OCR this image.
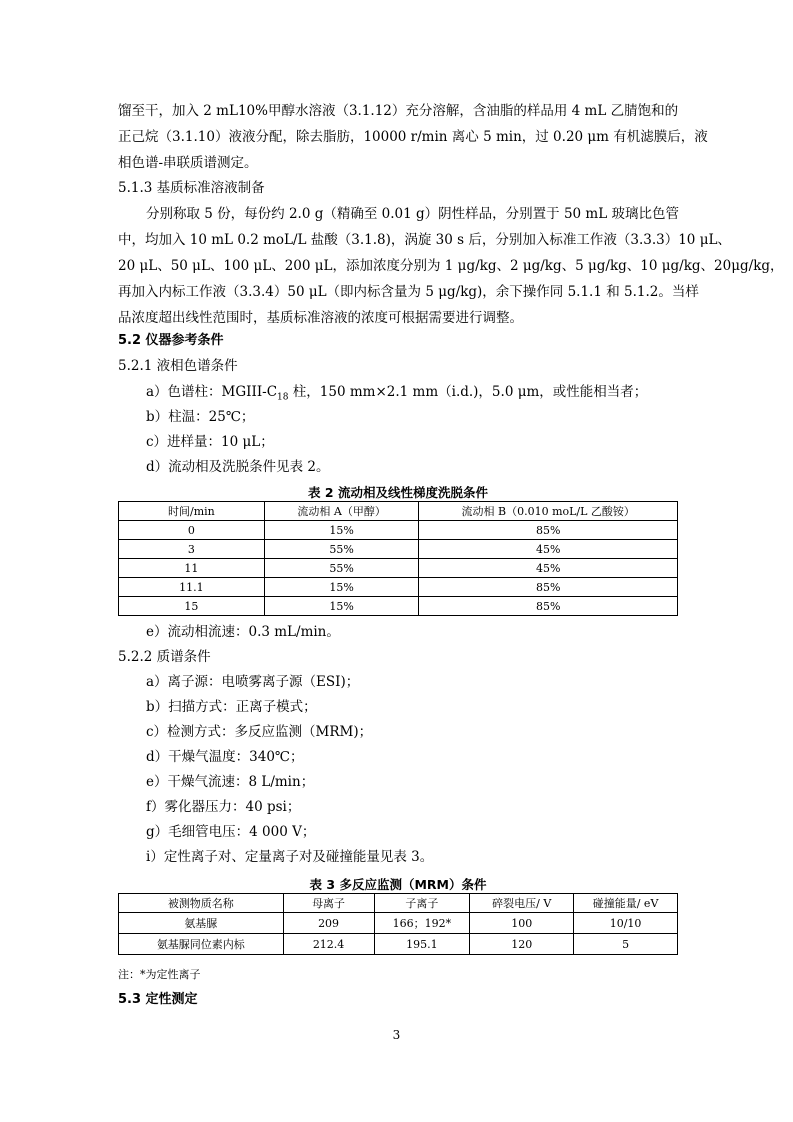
馏至干，加入 2 mL10%甲醇水溶液（3.1.12）充分溶解，含油脂的样品用 4 mL 乙腈饱和的
正己烷（3.1.10）液液分配，除去脂肪，10000 r/min 离心 5 min，过 0.20 μm 有机滤膜后，液
相色谱-串联质谱测定。
5.1.3 基质标准溶液制备
分别称取 5 份，每份约 2.0 g（精确至 0.01 g）阴性样品，分别置于 50 mL 玻璃比色管
中，均加入 10 mL 0.2 moL/L 盐酸（3.1.8)，涡旋 30 s 后，分别加入标准工作液（3.3.3）10 μL、
20 μL、50 μL、100 μL、200 μL，添加浓度分别为 1 μg/kg、2 μg/kg、5 μg/kg、10 μg/kg、20μg/kg，
再加入内标工作液（3.3.4）50 μL（即内标含量为 5 μg/kg)，余下操作同 5.1.1 和 5.1.2。当样
品浓度超出线性范围时，基质标准溶液的浓度可根据需要进行调整。
5.2 仪器参考条件
5.2.1 液相色谱条件
a）色谱柱：MGIII-$C_{18}$ 柱，150 mm×2.1 mm（i.d.)，5.0 μm，或性能相当者；
b）柱温：25℃；
c）进样量：10 μL；
d）流动相及洗脱条件见表 2。
表 2 流动相及线性梯度洗脱条件
时间/min	流动相 A（甲醇）	流动相 B（0.010 moL/L 乙酸铵）
0	15%	85%
3	55%	45%
11	55%	45%
11.1	15%	85%
15	15%	85%
e）流动相流速：0.3 mL/min。
5.2.2 质谱条件
a）离子源：电喷雾离子源（ESI)；
b）扫描方式：正离子模式；
c）检测方式：多反应监测（MRM)；
d）干燥气温度：340℃；
e）干燥气流速：8 L/min；
f）雾化器压力：40 psi；
g）毛细管电压：4 000 V；
i）定性离子对、定量离子对及碰撞能量见表 3。
表 3 多反应监测（MRM）条件
被测物质名称	母离子	子离子	碎裂电压/ V	碰撞能量/ eV
氨基脲	209	166；192*	100	10/10
氨基脲同位素内标	212.4	195.1	120	5
注：*为定性离子
5.3 定性测定
3
